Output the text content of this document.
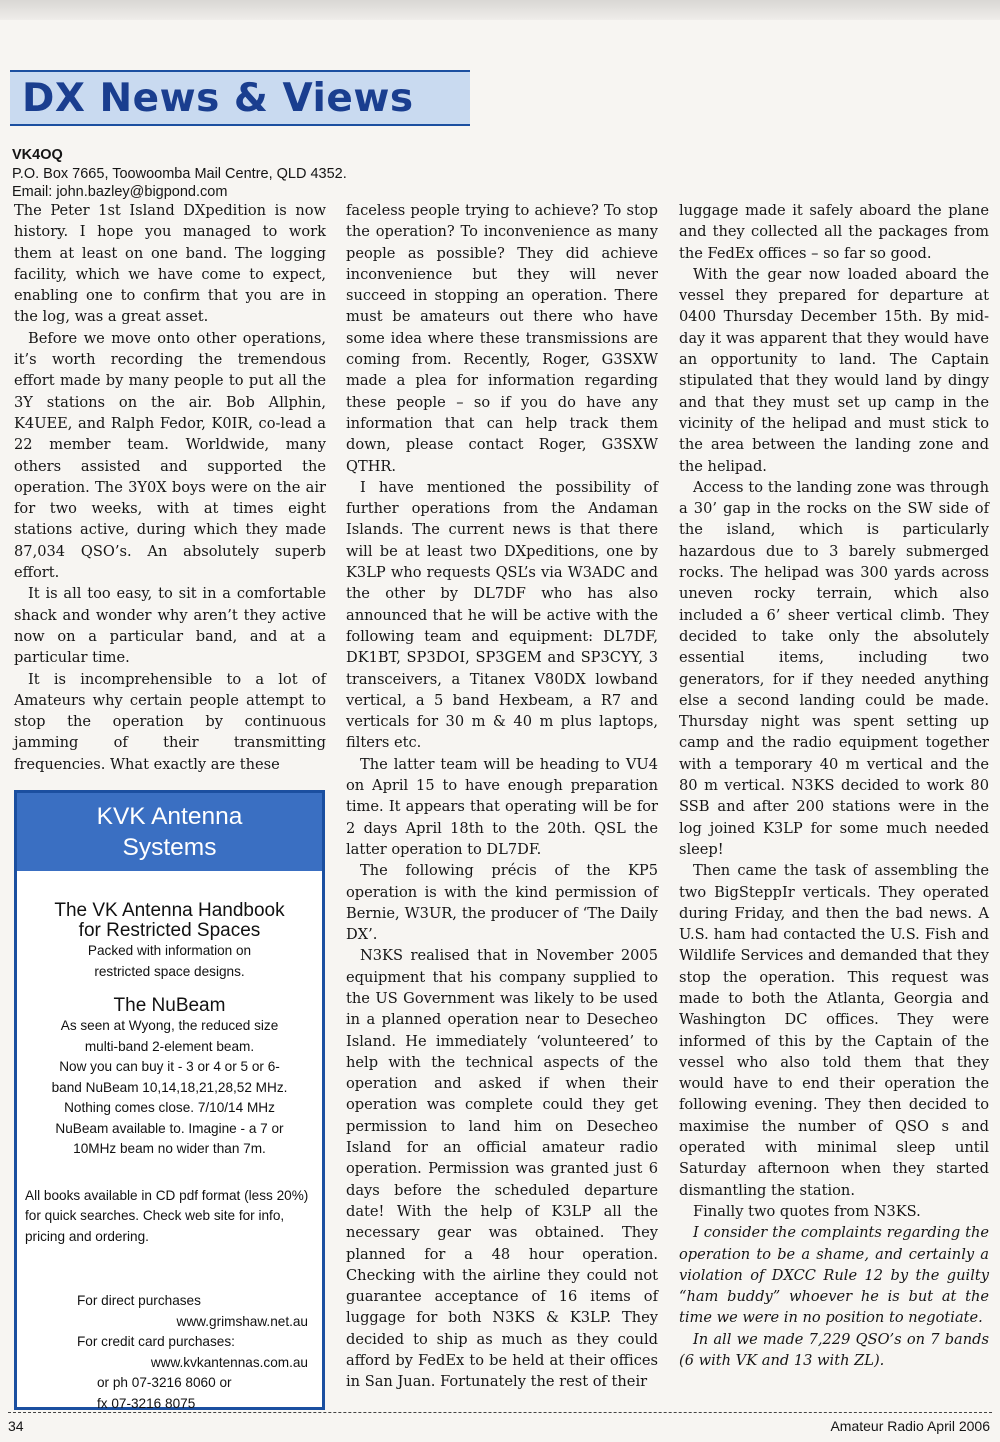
DX News & Views
VK4OQ
P.O. Box 7665, Toowoomba Mail Centre, QLD 4352.
Email: john.bazley@bigpond.com

The Peter 1st Island DXpedition is now history. I hope you managed to work them at least on one band. The logging facility, which we have come to expect, enabling one to confirm that you are in the log, was a great asset.

Before we move onto other operations, it’s worth recording the tremendous effort made by many people to put all the 3Y stations on the air. Bob Allphin, K4UEE, and Ralph Fedor, K0IR, co-lead a 22 member team. Worldwide, many others assisted and supported the operation. The 3Y0X boys were on the air for two weeks, with at times eight stations active, during which they made 87,034 QSO’s. An absolutely superb effort.

It is all too easy, to sit in a comfortable shack and wonder why aren’t they active now on a particular band, and at a particular time.

It is incomprehensible to a lot of Amateurs why certain people attempt to stop the operation by continuous jamming of their transmitting frequencies. What exactly are these

KVK Antenna
Systems
The VK Antenna Handbook
for Restricted Spaces
Packed with information on
restricted space designs.
The NuBeam
As seen at Wyong, the reduced size
multi-band 2-element beam.
Now you can buy it - 3 or 4 or 5 or 6-
band NuBeam 10,14,18,21,28,52 MHz.
Nothing comes close. 7/10/14 MHz
NuBeam available to. Imagine - a 7 or
10MHz beam no wider than 7m.
All books available in CD pdf format (less 20%) for quick searches. Check web site for info, pricing and ordering.
For direct purchases
www.grimshaw.net.au
For credit card purchases:
www.kvkantennas.com.au
or ph 07-3216 8060 or
fx 07-3216 8075

faceless people trying to achieve? To stop the operation? To inconvenience as many people as possible? They did achieve inconvenience but they will never succeed in stopping an operation. There must be amateurs out there who have some idea where these transmissions are coming from. Recently, Roger, G3SXW made a plea for information regarding these people – so if you do have any information that can help track them down, please contact Roger, G3SXW QTHR.

I have mentioned the possibility of further operations from the Andaman Islands. The current news is that there will be at least two DXpeditions, one by K3LP who requests QSL’s via W3ADC and the other by DL7DF who has also announced that he will be active with the following team and equipment: DL7DF, DK1BT, SP3DOI, SP3GEM and SP3CYY, 3 transceivers, a Titanex V80DX lowband vertical, a 5 band Hexbeam, a R7 and verticals for 30 m & 40 m plus laptops, filters etc.

The latter team will be heading to VU4 on April 15 to have enough preparation time. It appears that operating will be for 2 days April 18th to the 20th. QSL the latter operation to DL7DF.

The following précis of the KP5 operation is with the kind permission of Bernie, W3UR, the producer of ‘The Daily DX’.

N3KS realised that in November 2005 equipment that his company supplied to the US Government was likely to be used in a planned operation near to Desecheo Island. He immediately ‘volunteered’ to help with the technical aspects of the operation and asked if when their operation was complete could they get permission to land him on Desecheo Island for an official amateur radio operation. Permission was granted just 6 days before the scheduled departure date! With the help of K3LP all the necessary gear was obtained. They planned for a 48 hour operation. Checking with the airline they could not guarantee acceptance of 16 items of luggage for both N3KS & K3LP. They decided to ship as much as they could afford by FedEx to be held at their offices in San Juan. Fortunately the rest of their

luggage made it safely aboard the plane and they collected all the packages from the FedEx offices – so far so good.

With the gear now loaded aboard the vessel they prepared for departure at 0400 Thursday December 15th. By mid-day it was apparent that they would have an opportunity to land. The Captain stipulated that they would land by dingy and that they must set up camp in the vicinity of the helipad and must stick to the area between the landing zone and the helipad.

Access to the landing zone was through a 30’ gap in the rocks on the SW side of the island, which is particularly hazardous due to 3 barely submerged rocks. The helipad was 300 yards across uneven rocky terrain, which also included a 6’ sheer vertical climb. They decided to take only the absolutely essential items, including two generators, for if they needed anything else a second landing could be made. Thursday night was spent setting up camp and the radio equipment together with a temporary 40 m vertical and the 80 m vertical. N3KS decided to work 80 SSB and after 200 stations were in the log joined K3LP for some much needed sleep!

Then came the task of assembling the two BigSteppIr verticals. They operated during Friday, and then the bad news. A U.S. ham had contacted the U.S. Fish and Wildlife Services and demanded that they stop the operation. This request was made to both the Atlanta, Georgia and Washington DC offices. They were informed of this by the Captain of the vessel who also told them that they would have to end their operation the following evening. They then decided to maximise the number of QSO s and operated with minimal sleep until Saturday afternoon when they started dismantling the station.

Finally two quotes from N3KS.

I consider the complaints regarding the operation to be a shame, and certainly a violation of DXCC Rule 12 by the guilty “ham buddy” whoever he is but at the time we were in no position to negotiate.

In all we made 7,229 QSO’s on 7 bands (6 with VK and 13 with ZL).

34	Amateur Radio April 2006
